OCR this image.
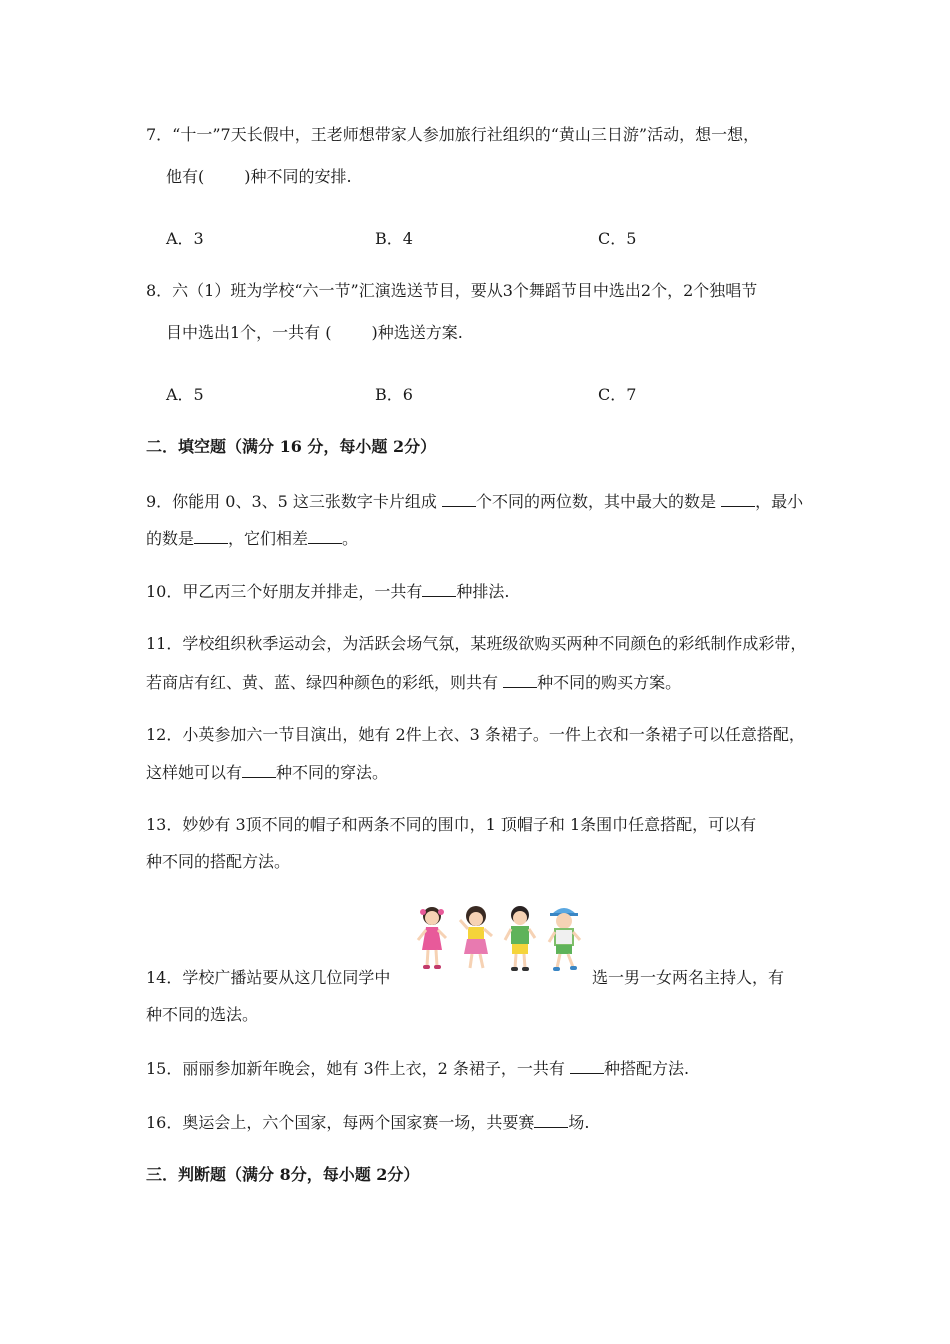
7．“十一”7天长假中，王老师想带家人参加旅行社组织的“黄山三日游”活动，想一想，
他有(	)种不同的安排.
A．3	B．4	C．5
8．六（1）班为学校“六一节”汇演选送节目，要从3个舞蹈节目中选出2个，2个独唱节
目中选出1个，一共有 (	)种选送方案.
A．5	B．6	C．7
二．填空题（满分 16 分，每小题 2分）
9．你能用 0、3、5 这三张数字卡片组成 个不同的两位数，其中最大的数是 ，最小
的数是 ，它们相差 。
10．甲乙丙三个好朋友并排走，一共有 种排法.
11．学校组织秋季运动会，为活跃会场气氛，某班级欲购买两种不同颜色的彩纸制作成彩带，
若商店有红、黄、蓝、绿四种颜色的彩纸，则共有 种不同的购买方案。
12．小英参加六一节目演出，她有 2件上衣、3 条裙子。一件上衣和一条裙子可以任意搭配，
这样她可以有 种不同的穿法。
13．妙妙有 3顶不同的帽子和两条不同的围巾，1 顶帽子和 1条围巾任意搭配，可以有
种不同的搭配方法。
14．学校广播站要从这几位同学中	选一男一女两名主持人，有
种不同的选法。
15．丽丽参加新年晚会，她有 3件上衣，2 条裙子，一共有 种搭配方法.
16．奥运会上，六个国家，每两个国家赛一场，共要赛 场.
三．判断题（满分 8分，每小题 2分）
